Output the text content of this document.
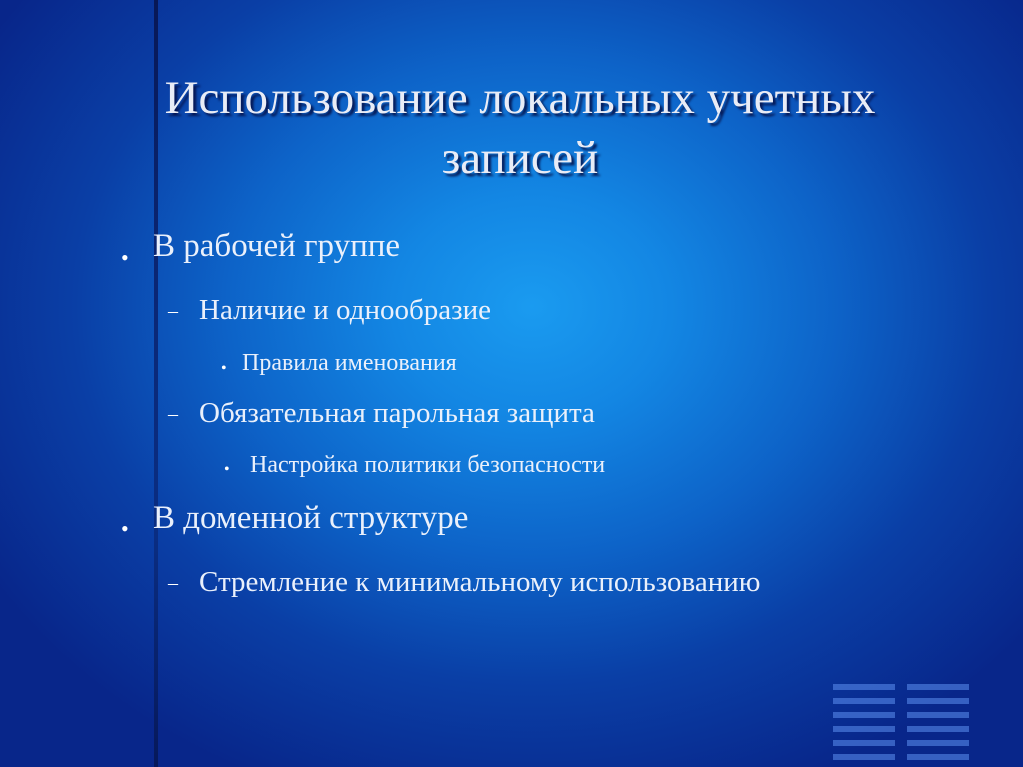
Использование локальных учетных
записей
• В рабочей группе
– Наличие и однообразие
• Правила именования
– Обязательная парольная защита
• Настройка политики безопасности
• В доменной структуре
– Стремление к минимальному использованию
